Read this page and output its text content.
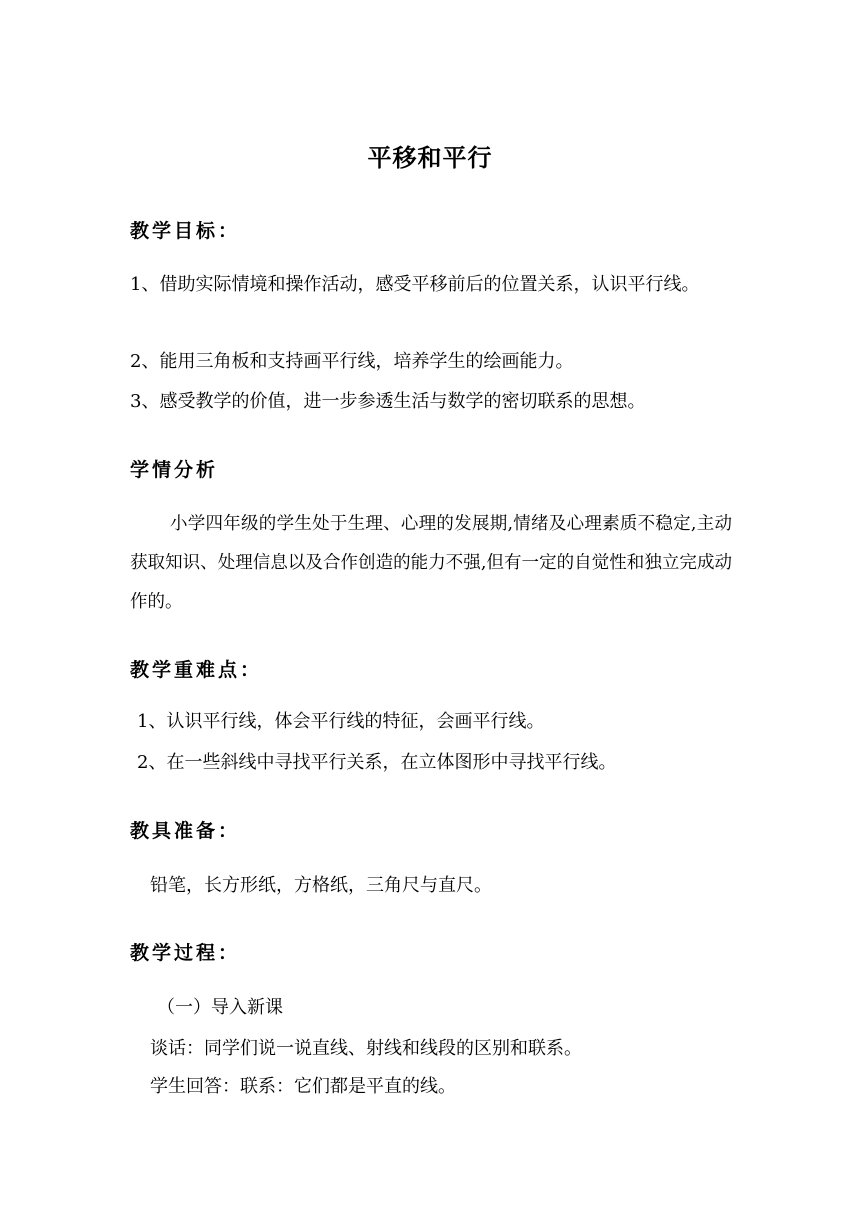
平移和平行
教学目标：
1、借助实际情境和操作活动，感受平移前后的位置关系，认识平行线。
2、能用三角板和支持画平行线，培养学生的绘画能力。
3、感受教学的价值，进一步参透生活与数学的密切联系的思想。
学情分析
小学四年级的学生处于生理、心理的发展期,情绪及心理素质不稳定,主动获取知识、处理信息以及合作创造的能力不强,但有一定的自觉性和独立完成动作的。
教学重难点：
1、认识平行线，体会平行线的特征，会画平行线。
2、在一些斜线中寻找平行关系，在立体图形中寻找平行线。
教具准备：
铅笔，长方形纸，方格纸，三角尺与直尺。
教学过程：
（一）导入新课
谈话：同学们说一说直线、射线和线段的区别和联系。
学生回答：联系：它们都是平直的线。
